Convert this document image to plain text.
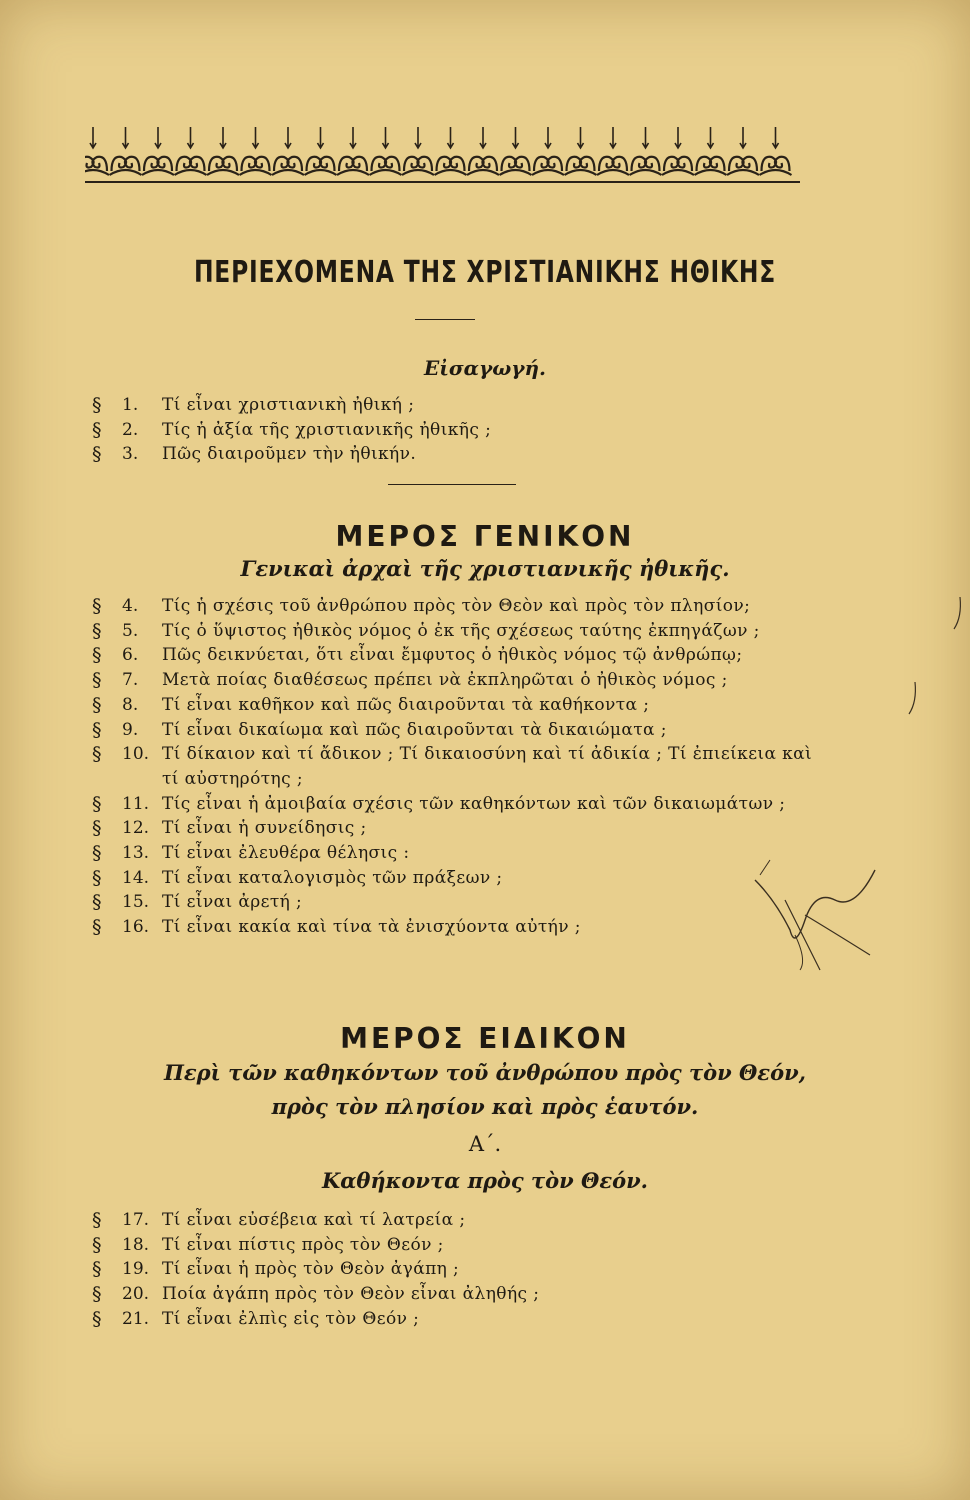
ΠΕΡΙΕΧΟΜΕΝΑ ΤΗΣ ΧΡΙΣΤΙΑΝΙΚΗΣ ΗΘΙΚΗΣ
Εἰσαγωγή.
§	1.	Τί εἶναι χριστιανικὴ ἠθική ;
§	2.	Τίς ἡ ἀξία τῆς χριστιανικῆς ἠθικῆς ;
§	3.	Πῶς διαιροῦμεν τὴν ἠθικήν.
ΜΕΡΟΣ ΓΕΝΙΚΟΝ
Γενικαὶ ἀρχαὶ τῆς χριστιανικῆς ἠθικῆς.
§	4.	Τίς ἡ σχέσις τοῦ ἀνθρώπου πρὸς τὸν Θεὸν καὶ πρὸς τὸν πλησίον;
§	5.	Τίς ὁ ὕψιστος ἠθικὸς νόμος ὁ ἐκ τῆς σχέσεως ταύτης ἐκπηγάζων ;
§	6.	Πῶς δεικνύεται, ὅτι εἶναι ἔμφυτος ὁ ἠθικὸς νόμος τῷ ἀνθρώπῳ;
§	7.	Μετὰ ποίας διαθέσεως πρέπει νὰ ἐκπληρῶται ὁ ἠθικὸς νόμος ;
§	8.	Τί εἶναι καθῆκον καὶ πῶς διαιροῦνται τὰ καθήκοντα ;
§	9.	Τί εἶναι δικαίωμα καὶ πῶς διαιροῦνται τὰ δικαιώματα ;
§	10. Τί δίκαιον καὶ τί ἄδικον ; Τί δικαιοσύνη καὶ τί ἀδικία ; Τί ἐπιείκεια καὶ τί αὐστηρότης ;
§	11. Τίς εἶναι ἡ ἀμοιβαία σχέσις τῶν καθηκόντων καὶ τῶν δικαιωμάτων ;
§	12. Τί εἶναι ἡ συνείδησις ;
§	13. Τί εἶναι ἐλευθέρα θέλησις :
§	14. Τί εἶναι καταλογισμὸς τῶν πράξεων ;
§	15. Τί εἶναι ἀρετή ;
§	16. Τί εἶναι κακία καὶ τίνα τὰ ἐνισχύοντα αὐτήν ;
ΜΕΡΟΣ ΕΙΔΙΚΟΝ
Περὶ τῶν καθηκόντων τοῦ ἀνθρώπου πρὸς τὸν Θεόν,
πρὸς τὸν πλησίον καὶ πρὸς ἑαυτόν.
Α΄.
Καθήκοντα πρὸς τὸν Θεόν.
§	17. Τί εἶναι εὐσέβεια καὶ τί λατρεία ;
§	18. Τί εἶναι πίστις πρὸς τὸν Θεόν ;
§	19. Τί εἶναι ἡ πρὸς τὸν Θεὸν ἀγάπη ;
§	20. Ποία ἀγάπη πρὸς τὸν Θεὸν εἶναι ἀληθής ;
§	21. Τί εἶναι ἐλπὶς εἰς τὸν Θεόν ;
